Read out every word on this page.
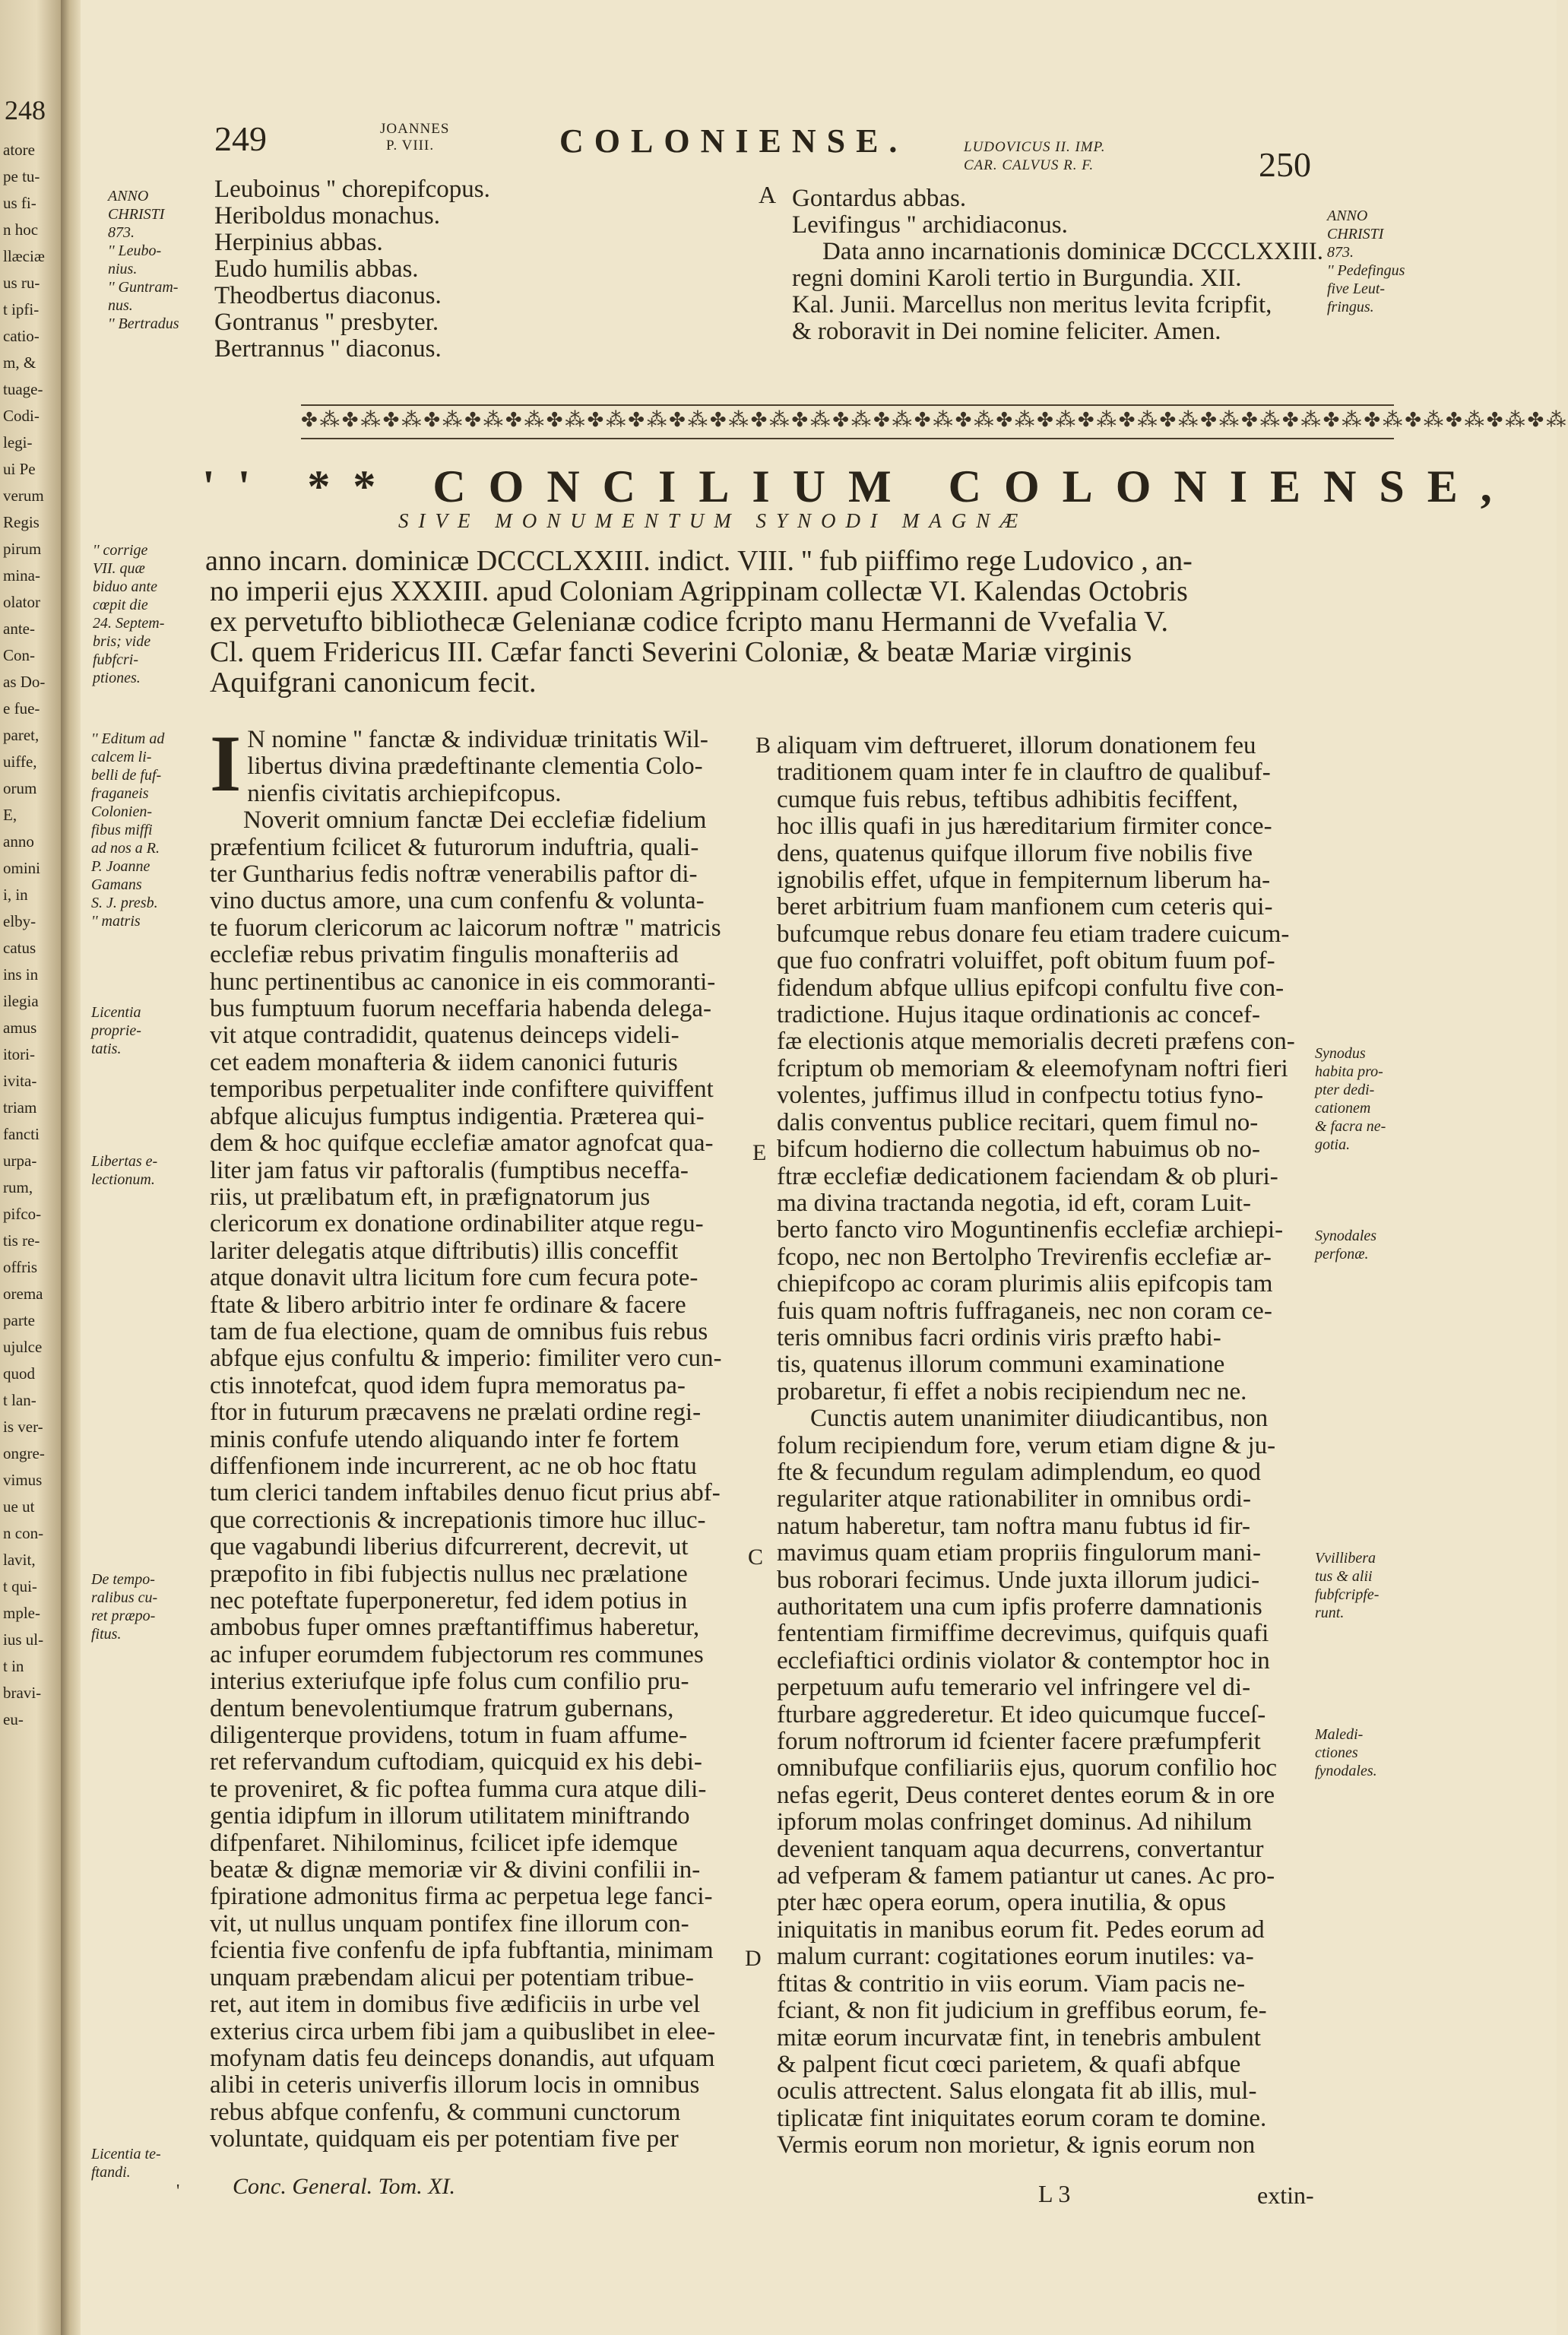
atore
pe tu-
us fi-
n hoc
llæciæ
us ru-
t ipfi-
catio-
m, &
tuage-
Codi-
legi-
ui Pe
verum
Regis
pirum
mina-
olator
ante-
Con-
as Do-
e fue-
paret,
uiffe,
orum
E,
anno
omini
i, in
elby-
catus
ins in
ilegia
amus
itori-
ivita-
triam
fancti
urpa-
rum,
pifco-
tis re-
offris
orema
parte
ujulce
quod
t lan-
is ver-
ongre-
vimus
ue ut
n con-
lavit,
t qui-
mple-
ius ul-
t in
bravi-
eu-
248
249	JOANNES
P. VIII.	COLONIENSE.	LUDOVICUS II. IMP.
CAR. CALVUS R. F.	250
ANNO
CHRISTI
873.
'' Leubo-
nius.
'' Guntram-
nus.
'' Bertradus
Leuboinus '' chorepifcopus.
Heriboldus monachus.
Herpinius abbas.
Eudo humilis abbas.
Theodbertus diaconus.
Gontranus '' presbyter.
Bertrannus '' diaconus.
A Gontardus abbas.
Levifingus '' archidiaconus.
Data anno incarnationis dominicæ DCCCLXXIII.
regni domini Karoli tertio in Burgundia. XII.
Kal. Junii. Marcellus non meritus levita fcripfit,
& roboravit in Dei nomine feliciter. Amen.
ANNO
CHRISTI
873.
'' Pedefingus
five Leut-
fringus.
✤⁂✤⁂✤⁂✤⁂✤⁂✤⁂✤⁂✤⁂✤⁂✤⁂✤⁂✤⁂✤⁂✤⁂✤⁂✤⁂✤⁂✤⁂✤⁂✤⁂✤⁂✤⁂✤⁂✤⁂✤⁂✤⁂✤⁂✤⁂✤⁂✤⁂✤⁂
'' ** CONCILIUM COLONIENSE,
SIVE MONUMENTUM SYNODI MAGNÆ
'' corrige
VII. quæ
biduo ante
cœpit die
24. Septem-
bris; vide
fubfcri-
ptiones.
anno incarn. dominicæ DCCCLXXIII. indict. VIII. '' fub piiffimo rege Ludovico , an-
no imperii ejus XXXIII. apud Coloniam Agrippinam collectæ VI. Kalendas Octobris
ex pervetufto bibliothecæ Gelenianæ codice fcripto manu Hermanni de Vvefalia V.
Cl. quem Fridericus III. Cæfar fancti Severini Coloniæ, & beatæ Mariæ virginis
Aquifgrani canonicum fecit.
'' Editum ad
calcem li-
belli de fuf-
fraganeis
Colonien-
fibus miffi
ad nos a R.
P. Joanne
Gamans
S. J. presb.
'' matris
Licentia
proprie-
tatis.
Libertas e-
lectionum.
De tempo-
ralibus cu-
ret præpo-
fitus.
Licentia te-
ftandi.
I N nomine '' fanctæ & individuæ trinitatis Wil-
libertus divina prædeftinante clementia Colo-
nienfis civitatis archiepifcopus.
Noverit omnium fanctæ Dei ecclefiæ fidelium
præfentium fcilicet & futurorum induftria, quali-
ter Guntharius fedis noftræ venerabilis paftor di-
vino ductus amore, una cum confenfu & volunta-
te fuorum clericorum ac laicorum noftræ '' matricis
ecclefiæ rebus privatim fingulis monafteriis ad
hunc pertinentibus ac canonice in eis commoranti-
bus fumptuum fuorum neceffaria habenda delega-
vit atque contradidit, quatenus deinceps videli-
cet eadem monafteria & iidem canonici futuris
temporibus perpetualiter inde confiftere quiviffent
abfque alicujus fumptus indigentia. Præterea qui-
dem & hoc quifque ecclefiæ amator agnofcat qua-
liter jam fatus vir paftoralis (fumptibus neceffa-
riis, ut prælibatum eft, in præfignatorum jus
clericorum ex donatione ordinabiliter atque regu-
lariter delegatis atque diftributis) illis conceffit
atque donavit ultra licitum fore cum fecura pote-
ftate & libero arbitrio inter fe ordinare & facere
tam de fua electione, quam de omnibus fuis rebus
abfque ejus confultu & imperio: fimiliter vero cun-
ctis innotefcat, quod idem fupra memoratus pa-
ftor in futurum præcavens ne prælati ordine regi-
minis confufe utendo aliquando inter fe fortem
diffenfionem inde incurrerent, ac ne ob hoc ftatu
tum clerici tandem inftabiles denuo ficut prius abf-
que correctionis & increpationis timore huc illuc-
que vagabundi liberius difcurrerent, decrevit, ut
præpofito in fibi fubjectis nullus nec prælatione
nec poteftate fuperponeretur, fed idem potius in
ambobus fuper omnes præftantiffimus haberetur,
ac infuper eorumdem fubjectorum res communes
interius exteriufque ipfe folus cum confilio pru-
dentum benevolentiumque fratrum gubernans,
diligenterque providens, totum in fuam affume-
ret refervandum cuftodiam, quicquid ex his debi-
te proveniret, & fic poftea fumma cura atque dili-
gentia idipfum in illorum utilitatem miniftrando
difpenfaret. Nihilominus, fcilicet ipfe idemque
beatæ & dignæ memoriæ vir & divini confilii in-
fpiratione admonitus firma ac perpetua lege fanci-
vit, ut nullus unquam pontifex fine illorum con-
fcientia five confenfu de ipfa fubftantia, minimam
unquam præbendam alicui per potentiam tribue-
ret, aut item in domibus five ædificiis in urbe vel
exterius circa urbem fibi jam a quibuslibet in elee-
mofynam datis feu deinceps donandis, aut ufquam
alibi in ceteris univerfis illorum locis in omnibus
rebus abfque confenfu, & communi cunctorum
voluntate, quidquam eis per potentiam five per
B
E
C
D
aliquam vim deftrueret, illorum donationem feu
traditionem quam inter fe in clauftro de qualibuf-
cumque fuis rebus, teftibus adhibitis feciffent,
hoc illis quafi in jus hæreditarium firmiter conce-
dens, quatenus quifque illorum five nobilis five
ignobilis effet, ufque in fempiternum liberum ha-
beret arbitrium fuam manfionem cum ceteris qui-
bufcumque rebus donare feu etiam tradere cuicum-
que fuo confratri voluiffet, poft obitum fuum pof-
fidendum abfque ullius epifcopi confultu five con-
tradictione. Hujus itaque ordinationis ac concef-
fæ electionis atque memorialis decreti præfens con-
fcriptum ob memoriam & eleemofynam noftri fieri
volentes, juffimus illud in confpectu totius fyno-
dalis conventus publice recitari, quem fimul no-
bifcum hodierno die collectum habuimus ob no-
ftræ ecclefiæ dedicationem faciendam & ob pluri-
ma divina tractanda negotia, id eft, coram Luit-
berto fancto viro Moguntinenfis ecclefiæ archiepi-
fcopo, nec non Bertolpho Trevirenfis ecclefiæ ar-
chiepifcopo ac coram plurimis aliis epifcopis tam
fuis quam noftris fuffraganeis, nec non coram ce-
teris omnibus facri ordinis viris præfto habi-
tis, quatenus illorum communi examinatione
probaretur, fi effet a nobis recipiendum nec ne.
Cunctis autem unanimiter diiudicantibus, non
folum recipiendum fore, verum etiam digne & ju-
fte & fecundum regulam adimplendum, eo quod
regulariter atque rationabiliter in omnibus ordi-
natum haberetur, tam noftra manu fubtus id fir-
mavimus quam etiam propriis fingulorum mani-
bus roborari fecimus. Unde juxta illorum judici-
authoritatem una cum ipfis proferre damnationis
fententiam firmiffime decrevimus, quifquis quafi
ecclefiaftici ordinis violator & contemptor hoc in
perpetuum aufu temerario vel infringere vel di-
fturbare aggrederetur. Et ideo quicumque fucceſ-
forum noftrorum id fcienter facere præfumpferit
omnibufque confiliariis ejus, quorum confilio hoc
nefas egerit, Deus conteret dentes eorum & in ore
ipforum molas confringet dominus. Ad nihilum
devenient tanquam aqua decurrens, convertantur
ad vefperam & famem patiantur ut canes. Ac pro-
pter hæc opera eorum, opera inutilia, & opus
iniquitatis in manibus eorum fit. Pedes eorum ad
malum currant: cogitationes eorum inutiles: va-
ftitas & contritio in viis eorum. Viam pacis ne-
fciant, & non fit judicium in greffibus eorum, fe-
mitæ eorum incurvatæ fint, in tenebris ambulent
& palpent ficut cœci parietem, & quafi abfque
oculis attrectent. Salus elongata fit ab illis, mul-
tiplicatæ fint iniquitates eorum coram te domine.
Vermis eorum non morietur, & ignis eorum non
Synodus
habita pro-
pter dedi-
cationem
& facra ne-
gotia.
Synodales
perfonæ.
Vvilliberа
tus & alii
fubfcripfe-
runt.
Maledi-
ctiones
fynodales.
' Conc. General. Tom. XI.	L 3	extin-
